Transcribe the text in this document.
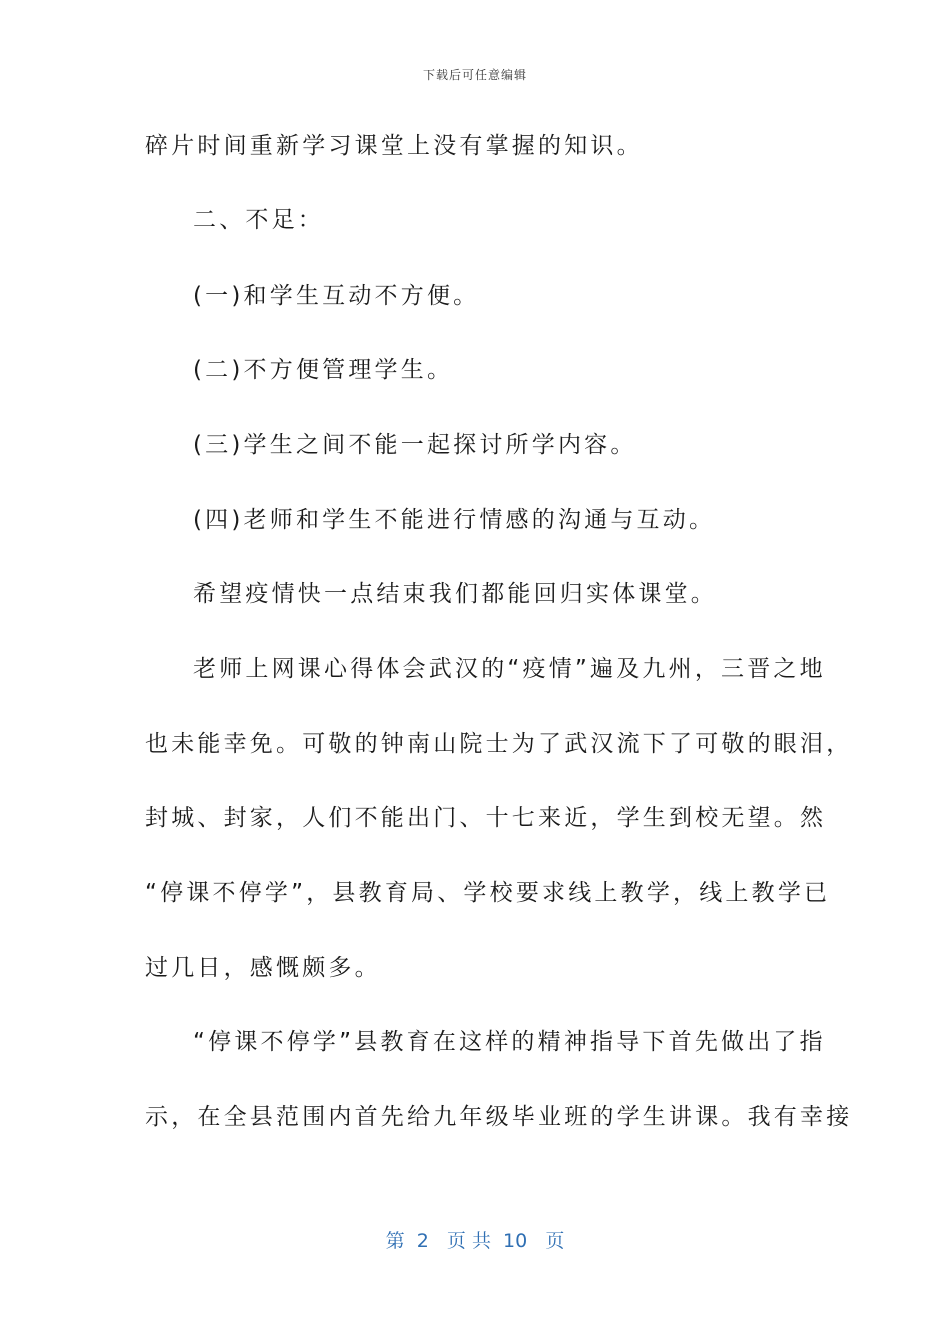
下载后可任意编辑
碎片时间重新学习课堂上没有掌握的知识。
二、不足：
(一)和学生互动不方便。
(二)不方便管理学生。
(三)学生之间不能一起探讨所学内容。
(四)老师和学生不能进行情感的沟通与互动。
希望疫情快一点结束我们都能回归实体课堂。
老师上网课心得体会武汉的“疫情”遍及九州，三晋之地
也未能幸免。可敬的钟南山院士为了武汉流下了可敬的眼泪，
封城、封家，人们不能出门、十七来近，学生到校无望。然
“停课不停学”，县教育局、学校要求线上教学，线上教学已
过几日，感慨颇多。
“停课不停学”县教育在这样的精神指导下首先做出了指
示，在全县范围内首先给九年级毕业班的学生讲课。我有幸接
第  2   页 共  10   页
